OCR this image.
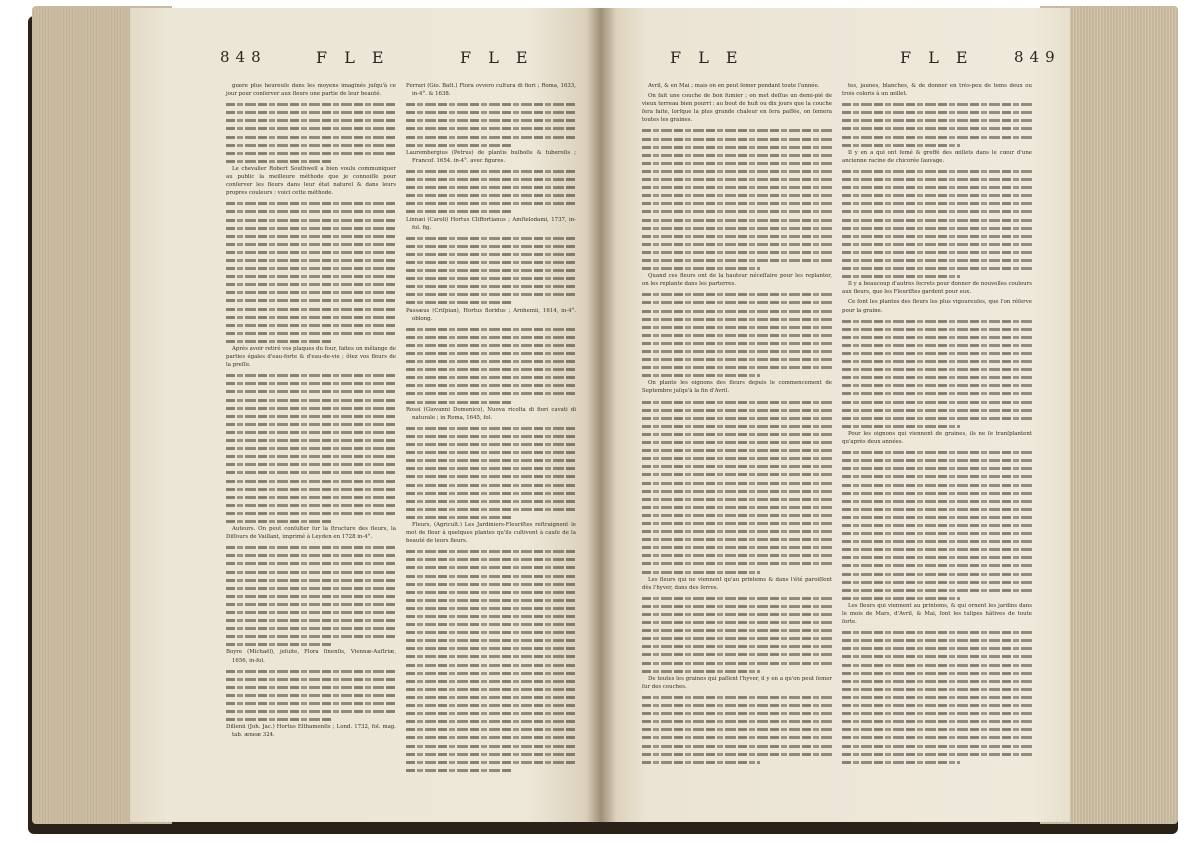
848	F L E	F L E

guere plus heureuſe dans les moyens imaginés juſqu'à ce jour pour conſerver aux fleurs une partie de leur beauté.

Le chevalier Robert Southwell a bien voulu communiquer au public la meilleure méthode que je connoiſſe pour conſerver les fleurs dans leur état naturel & dans leurs propres couleurs : voici cette méthode.

Après avoir retiré vos plaques du four, faites un mêlange de parties égales d'eau-forte & d'eau-de-vie ; ôtez vos fleurs de la preſſe.

Auteurs. On peut conſulter ſur la ſtructure des fleurs, la Diſſours de Vaillant, imprimé à Leyden en 1728 in-4°.

Boyre (Michaël), jeſuite, Flora ſinenſis, Viennæ-Auſtriæ, 1656, in-fol.

Dillenii (Joh. Jac.) Hortus Elthamenſis ; Lond. 1732, fol. mag. tab. æneæ 324.

Ferrari (Gio. Batt.) Flora ovvero cultura di fiori ; Roma, 1633, in-4°. & 1638.

Laurembergius (Petrus) de plantis bulboſis & tuberoſis ; Francof. 1654. in-4°. avec figures.

Linnæi (Caroli) Hortus Cliffortianus ; Amſtelodami, 1737, in-fol. fig.

Passæus (Criſpian), Hortus floridus ; Arnhemii, 1614, in-4°. oblong.

Rossi (Giovanni Domenico), Nuova ricolta di fiori cavati di naturale ; in Roma, 1645, fol.

Fleurs, (Agricult.) Les Jardiniers-Fleuriſtes reſtraignent le mot de fleur à quelques plantes qu'ils cultivent à cauſe de la beauté de leurs fleurs.

F L E	F L E	849

Avril, & en Mai ; mais on en peut ſemer pendant toute l'année.

On fait une couche de bon fumier ; on met deſſus un demi-pié de vieux terreau bien pourri : au bout de huit ou dix jours que la couche ſera faite, lorſque la plus grande chaleur en ſera paſſée, on ſemera toutes les graines.

Quand ces fleurs ont de la hauteur néceſſaire pour les replanter, on les replante dans les parterres.

On plante les oignons des fleurs depuis le commencement de Septembre juſqu'à la fin d'Avril.

Les fleurs qui ne viennent qu'au printems & dans l'été paroiſſent dès l'hyver, dans des ſerres.

De toutes les graines qui paſſent l'hyver, il y en a qu'on peut ſemer ſur des couches.

tes, jaunes, blanches, & de donner en très-peu de tems deux ou trois coloris à un œillet.

Il y en a qui ont ſemé & greffé des œillets dans le cœur d'une ancienne racine de chicorée ſauvage.

Il y a beaucoup d'autres ſecrets pour donner de nouvelles couleurs aux fleurs, que les Fleuriſtes gardent pour eux.

Ce ſont les plantes des fleurs les plus vigoureuſes, que l'on réſerve pour la graine.

Pour les oignons qui viennent de graines, ils ne ſe tranſplantent qu'après deux années.

Les fleurs qui viennent au printems, & qui ornent les jardins dans le mois de Mars, d'Avril, & Mai, ſont les tulipes hâtives de toute ſorte.
